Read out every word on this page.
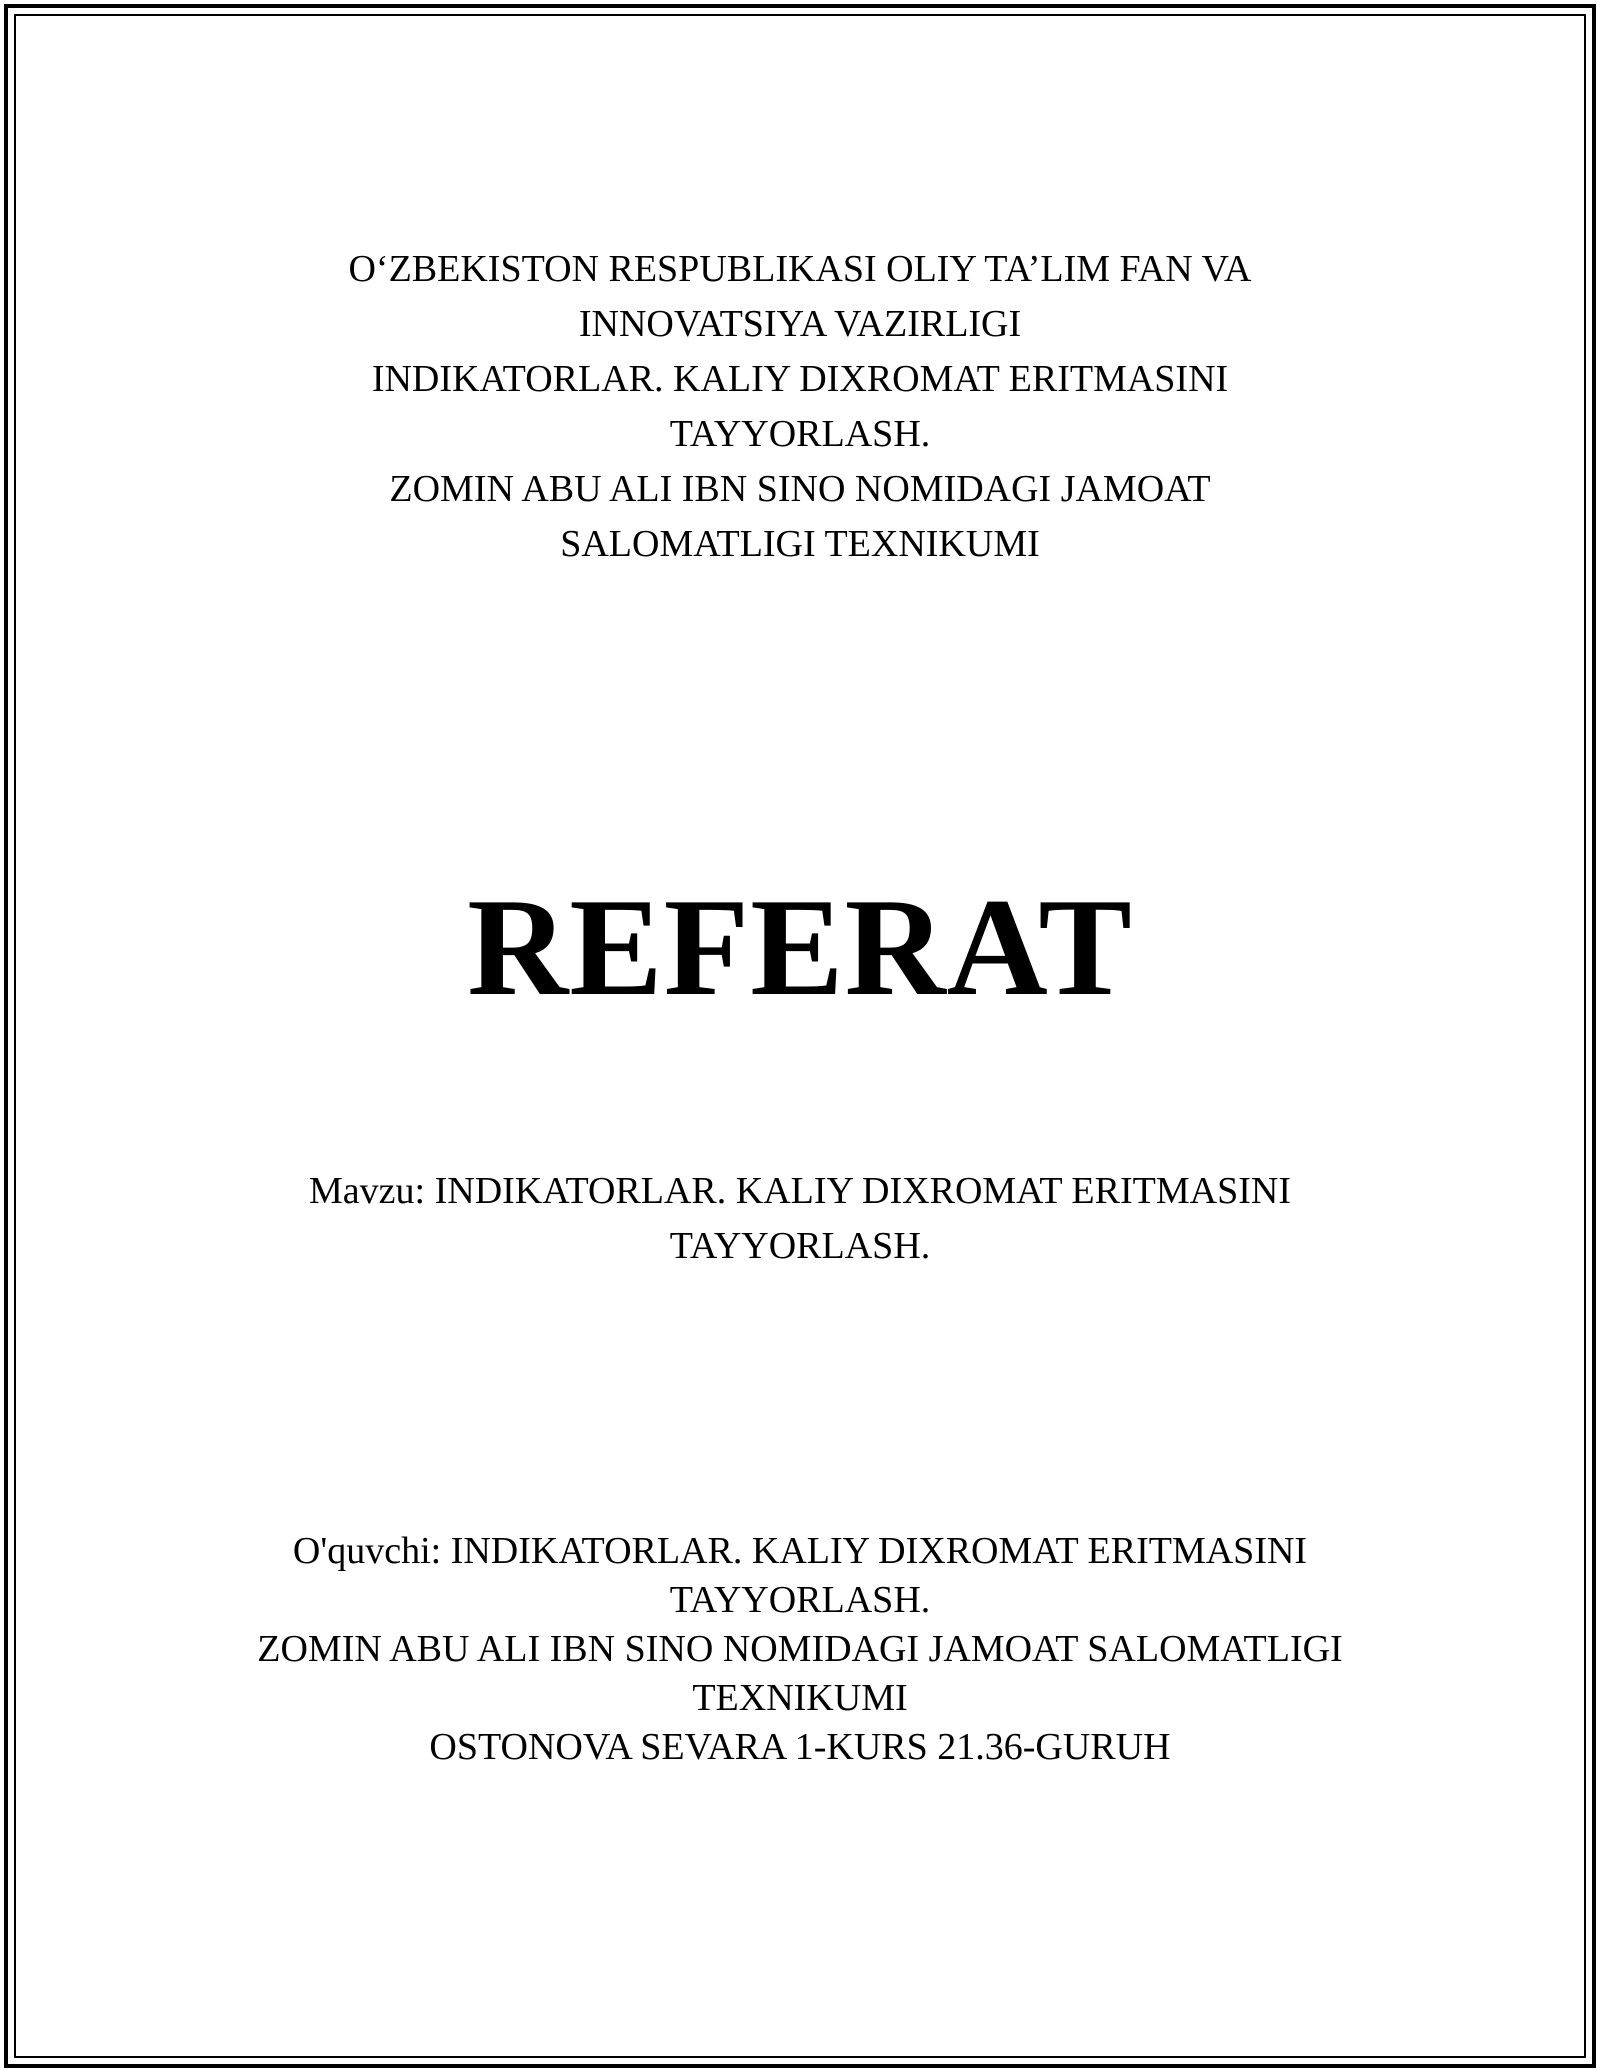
O‘ZBEKISTON RESPUBLIKASI OLIY TA’LIM FAN VA
INNOVATSIYA VAZIRLIGI
INDIKATORLAR. KALIY DIXROMAT ERITMASINI
TAYYORLASH.
ZOMIN ABU ALI IBN SINO NOMIDAGI JAMOAT
SALOMATLIGI TEXNIKUMI
REFERAT
Mavzu: INDIKATORLAR. KALIY DIXROMAT ERITMASINI
TAYYORLASH.
O'quvchi: INDIKATORLAR. KALIY DIXROMAT ERITMASINI
TAYYORLASH.
ZOMIN ABU ALI IBN SINO NOMIDAGI JAMOAT SALOMATLIGI
TEXNIKUMI
OSTONOVA SEVARA 1-KURS 21.36-GURUH
